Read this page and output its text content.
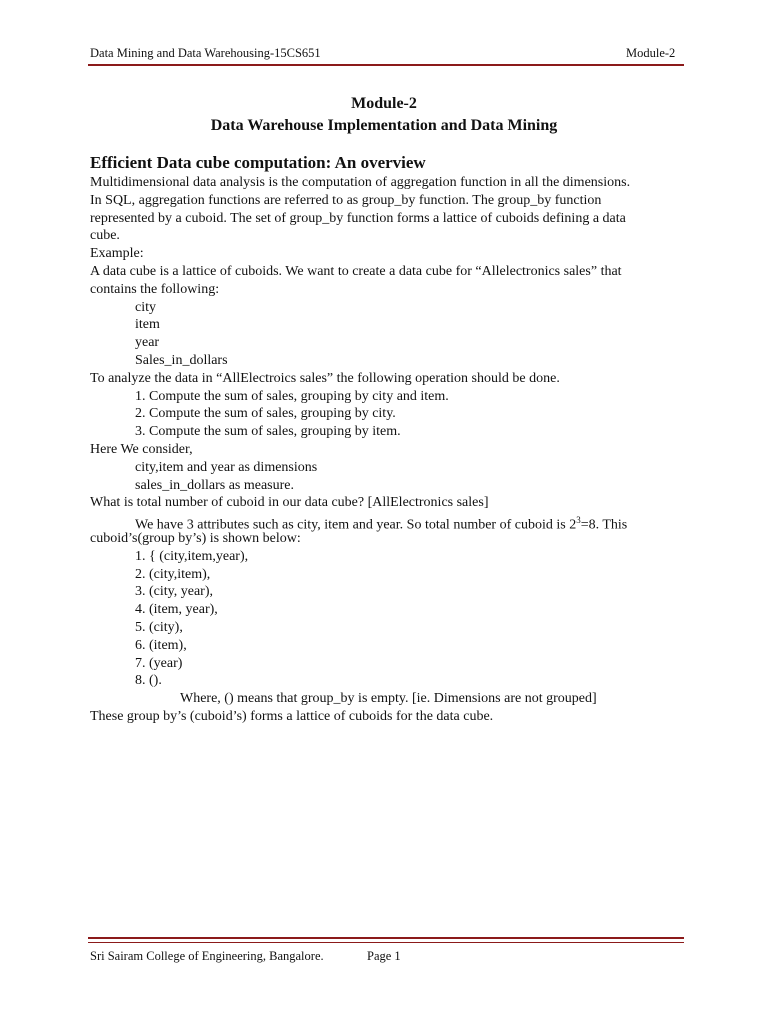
Data Mining and Data Warehousing-15CS651	Module-2
Module-2
Data Warehouse Implementation and Data Mining
Efficient Data cube computation: An overview
Multidimensional data analysis is the computation of aggregation function in all the dimensions.
In SQL, aggregation functions are referred to as group_by function. The group_by function
represented by a cuboid. The set of group_by function forms a lattice of cuboids defining a data
cube.
Example:
A data cube is a lattice of cuboids. We want to create a data cube for “Allelectronics sales” that
contains the following:
city
item
year
Sales_in_dollars
To analyze the data in “AllElectroics sales” the following operation should be done.
1. Compute the sum of sales, grouping by city and item.
2. Compute the sum of sales, grouping by city.
3. Compute the sum of sales, grouping by item.
Here We consider,
city,item and year as dimensions
sales_in_dollars as measure.
What is total number of cuboid in our data cube? [AllElectronics sales]
We have 3 attributes such as city, item and year. So total number of cuboid is $2^3=8$. This
cuboid’s(group by’s) is shown below:
1. { (city,item,year),
2. (city,item),
3. (city, year),
4. (item, year),
5. (city),
6. (item),
7. (year)
8. ().
Where, () means that group_by is empty. [ie. Dimensions are not grouped]
These group by’s (cuboid’s) forms a lattice of cuboids for the data cube.
Sri Sairam College of Engineering, Bangalore.	Page 1
